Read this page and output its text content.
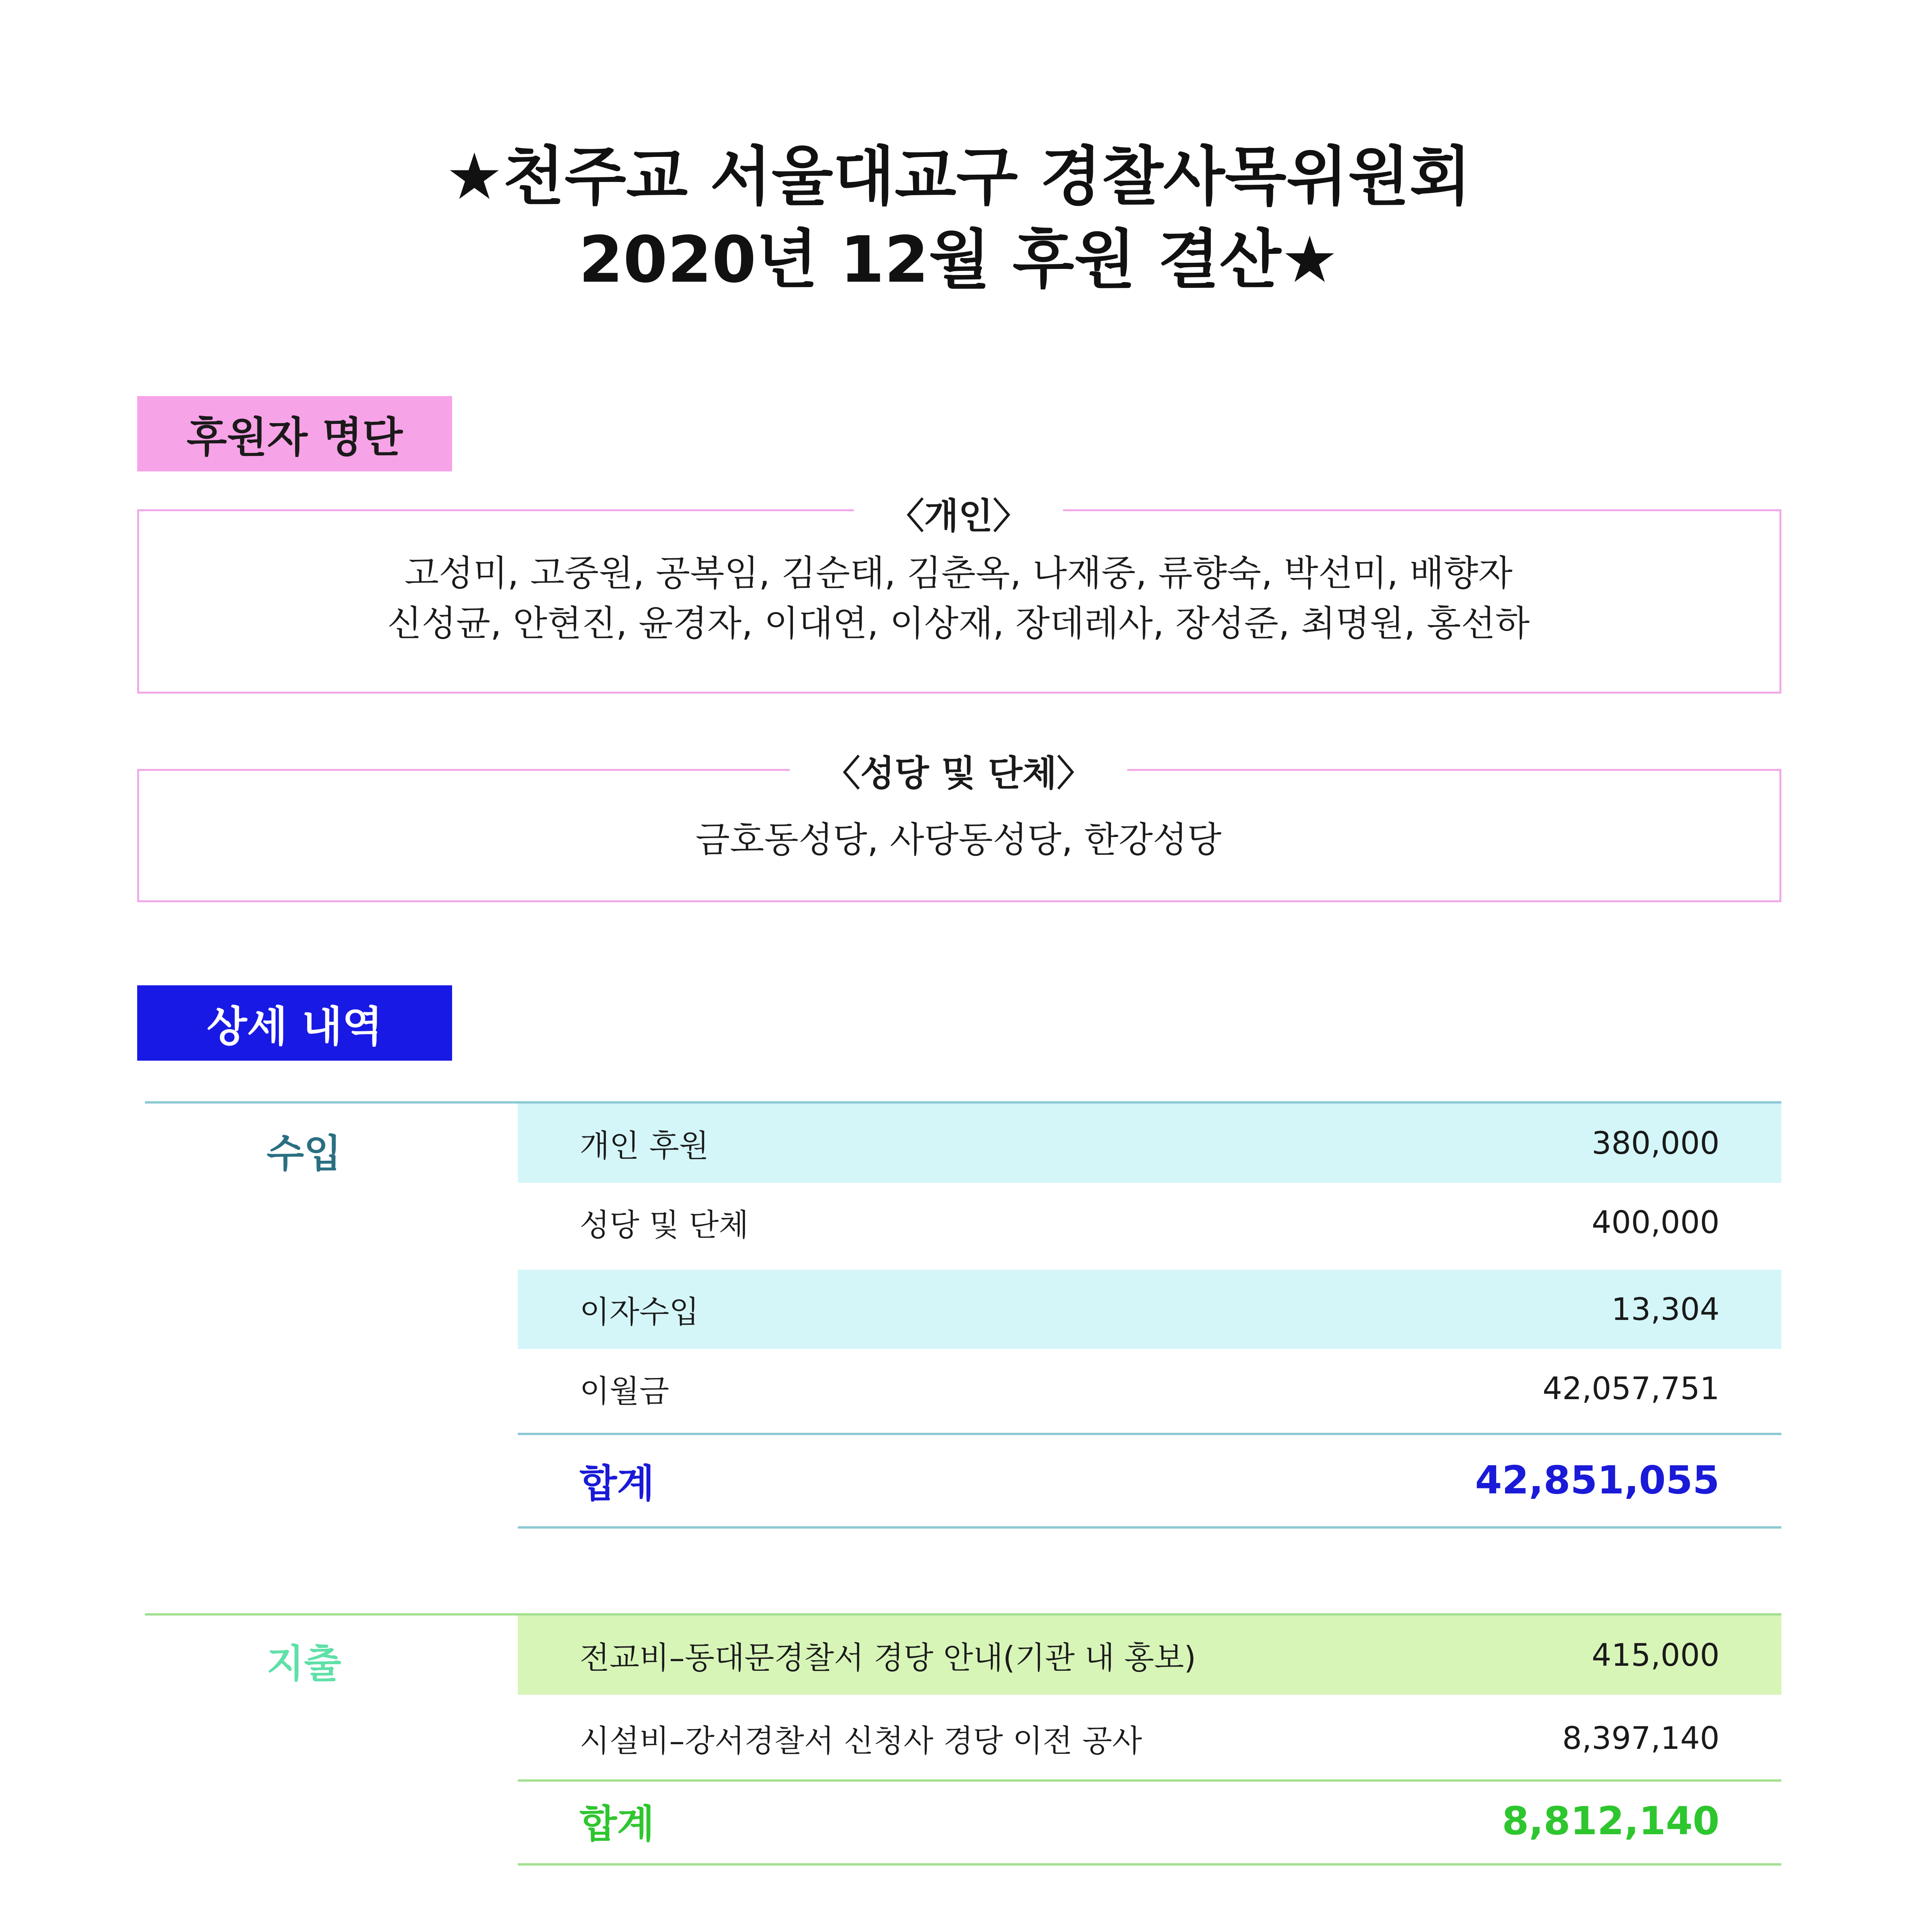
★천주교 서울대교구 경찰사목위원회
2020년 12월 후원 결산★
후원자 명단
〈개인〉
고성미, 고중원, 공복임, 김순태, 김춘옥, 나재중, 류향숙, 박선미, 배향자
신성균, 안현진, 윤경자, 이대연, 이상재, 장데레사, 장성준, 최명원, 홍선하
〈성당 및 단체〉
금호동성당, 사당동성당, 한강성당
상세 내역
수입	개인 후원	380,000
성당 및 단체	400,000
이자수입	13,304
이월금	42,057,751
합계	42,851,055
지출	전교비–동대문경찰서 경당 안내(기관 내 홍보)	415,000
시설비–강서경찰서 신청사 경당 이전 공사	8,397,140
합계	8,812,140
